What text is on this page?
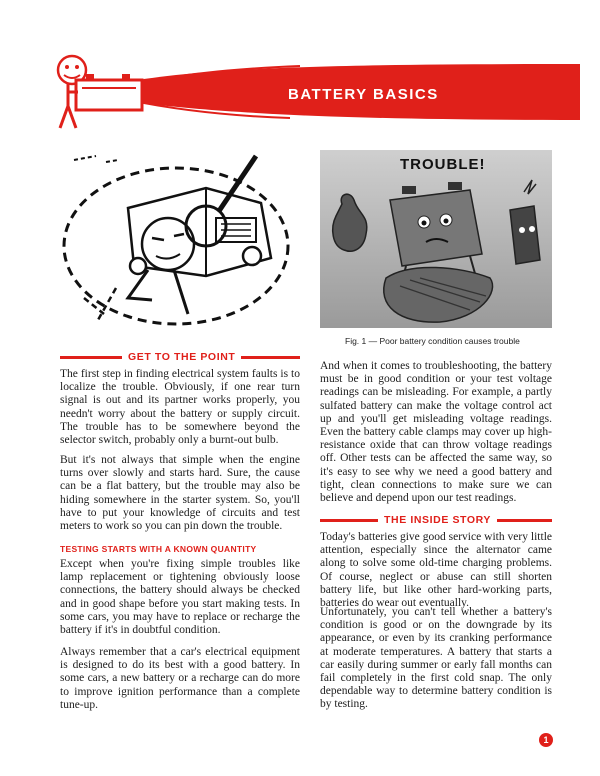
BATTERY BASICS
TROUBLE!
Fig. 1 — Poor battery condition causes trouble
GET TO THE POINT

The first step in finding electrical system faults is to localize the trouble. Obviously, if one rear turn signal is out and its partner works properly, you needn't worry about the battery or supply circuit. The trouble has to be somewhere beyond the selector switch, probably only a burnt-out bulb.

But it's not always that simple when the engine turns over slowly and starts hard. Sure, the cause can be a flat battery, but the trouble may also be hiding somewhere in the starter system. So, you'll have to put your knowledge of circuits and test meters to work so you can pin down the trouble.

TESTING STARTS WITH A KNOWN QUANTITY

Except when you're fixing simple troubles like lamp replacement or tightening obviously loose connections, the battery should always be checked and in good shape before you start making tests. In some cars, you may have to replace or recharge the battery if it's in doubtful condition.

Always remember that a car's electrical equipment is designed to do its best with a good battery. In some cars, a new battery or a recharge can do more to improve ignition performance than a complete tune-up.

And when it comes to troubleshooting, the battery must be in good condition or your test voltage readings can be misleading. For example, a partly sulfated battery can make the voltage control act up and you'll get misleading voltage readings. Even the battery cable clamps may cover up high-resistance oxide that can throw voltage readings off. Other tests can be affected the same way, so it's easy to see why we need a good battery and tight, clean connections to make sure we can believe and depend upon our test readings.

THE INSIDE STORY

Today's batteries give good service with very little attention, especially since the alternator came along to solve some old-time charging problems. Of course, neglect or abuse can still shorten battery life, but like other hard-working parts, batteries do wear out eventually.

Unfortunately, you can't tell whether a battery's condition is good or on the downgrade by its appearance, or even by its cranking performance at moderate temperatures. A battery that starts a car easily during summer or early fall months can fail completely in the first cold snap. The only dependable way to determine battery condition is by testing.

1
